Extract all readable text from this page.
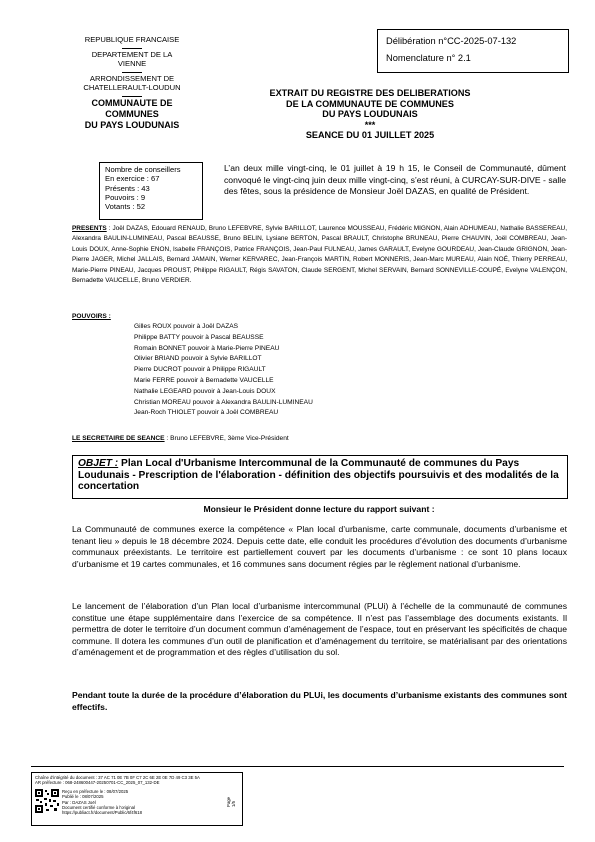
REPUBLIQUE FRANCAISE
DEPARTEMENT DE LA
VIENNE
ARRONDISSEMENT DE
CHATELLERAULT-LOUDUN
COMMUNAUTE DE
COMMUNES
DU PAYS LOUDUNAIS
Délibération n°CC-2025-07-132
Nomenclature n° 2.1
EXTRAIT DU REGISTRE DES DELIBERATIONS
DE LA COMMUNAUTE DE COMMUNES
DU PAYS LOUDUNAIS
***
SEANCE DU 01 JUILLET 2025
Nombre de conseillers
En exercice : 67
Présents : 43
Pouvoirs : 9
Votants : 52
L’an deux mille vingt-cinq, le 01 juillet à 19 h 15, le Conseil de Communauté, dûment convoqué le vingt-cinq juin deux mille vingt-cinq, s’est réuni, à CURCAY-SUR-DIVE - salle des fêtes, sous la présidence de Monsieur Joël DAZAS, en qualité de Président.
PRESENTS : Joël DAZAS, Edouard RENAUD, Bruno LEFEBVRE, Sylvie BARILLOT, Laurence MOUSSEAU, Frédéric MIGNON, Alain ADHUMEAU, Nathalie BASSEREAU, Alexandra BAULIN-LUMINEAU, Pascal BEAUSSE, Bruno BELIN, Lysiane BERTON, Pascal BRAULT, Christophe BRUNEAU, Pierre CHAUVIN, Joël COMBREAU, Jean-Louis DOUX, Anne-Sophie ENON, Isabelle FRANÇOIS, Patrice FRANÇOIS, Jean-Paul FULNEAU, James GARAULT, Evelyne GOURDEAU, Jean-Claude GRIGNON, Jean-Pierre JAGER, Michel JALLAIS, Bernard JAMAIN, Werner KERVAREC, Jean-François MARTIN, Robert MONNERIS, Jean-Marc MUREAU, Alain NOÉ, Thierry PERREAU, Marie-Pierre PINEAU, Jacques PROUST, Philippe RIGAULT, Régis SAVATON, Claude SERGENT, Michel SERVAIN, Bernard SONNEVILLE-COUPÉ, Evelyne VALENÇON, Bernadette VAUCELLE, Bruno VERDIER.
POUVOIRS :
Gilles ROUX pouvoir à Joël DAZAS
Philippe BATTY pouvoir à Pascal BEAUSSE
Romain BONNET pouvoir à Marie-Pierre PINEAU
Olivier BRIAND pouvoir à Sylvie BARILLOT
Pierre DUCROT pouvoir à Philippe RIGAULT
Marie FERRE pouvoir à Bernadette VAUCELLE
Nathalie LEGEARD pouvoir à Jean-Louis DOUX
Christian MOREAU pouvoir à Alexandra BAULIN-LUMINEAU
Jean-Roch THIOLET pouvoir à Joël COMBREAU
LE SECRETAIRE DE SEANCE : Bruno LEFEBVRE, 3ème Vice-Président
OBJET : Plan Local d'Urbanisme Intercommunal de la Communauté de communes du Pays Loudunais - Prescription de l'élaboration - définition des objectifs poursuivis et des modalités de la concertation
Monsieur le Président donne lecture du rapport suivant :
La Communauté de communes exerce la compétence « Plan local d’urbanisme, carte communale, documents d’urbanisme et tenant lieu » depuis le 18 décembre 2024. Depuis cette date, elle conduit les procédures d’évolution des documents d’urbanisme communaux préexistants. Le territoire est partiellement couvert par les documents d’urbanisme : ce sont 10 plans locaux d’urbanisme et 19 cartes communales, et 16 communes sans document régies par le règlement national d’urbanisme.
Le lancement de l’élaboration d’un Plan local d’urbanisme intercommunal (PLUi) à l’échelle de la communauté de communes constitue une étape supplémentaire dans l’exercice de sa compétence. Il n’est pas l’assemblage des documents existants. Il permettra de doter le territoire d’un document commun d’aménagement de l’espace, tout en préservant les spécificités de chaque commune. Il dotera les communes d’un outil de planification et d’aménagement du territoire, se matérialisant par des orientations d’aménagement et de programmation et des règles d’utilisation du sol.
Pendant toute la durée de la procédure d’élaboration du PLUi, les documents d’urbanisme existants des communes sont effectifs.
Chaîne d'intégrité du document : 37 AC 71 0E 7B 0F C7 2C 6E 2E 0E 7D 49 C3 3E 5A
AR préfecture : 068-248600447-20250701-CC_2025_07_132-DE
Reçu en préfecture le : 08/07/2025
Publié le : 08/07/2025
Par : DAZAS Joël
Document certifié conforme à l'original
https://publiact.fr/document/Public/6f4f618
Page 1/5
